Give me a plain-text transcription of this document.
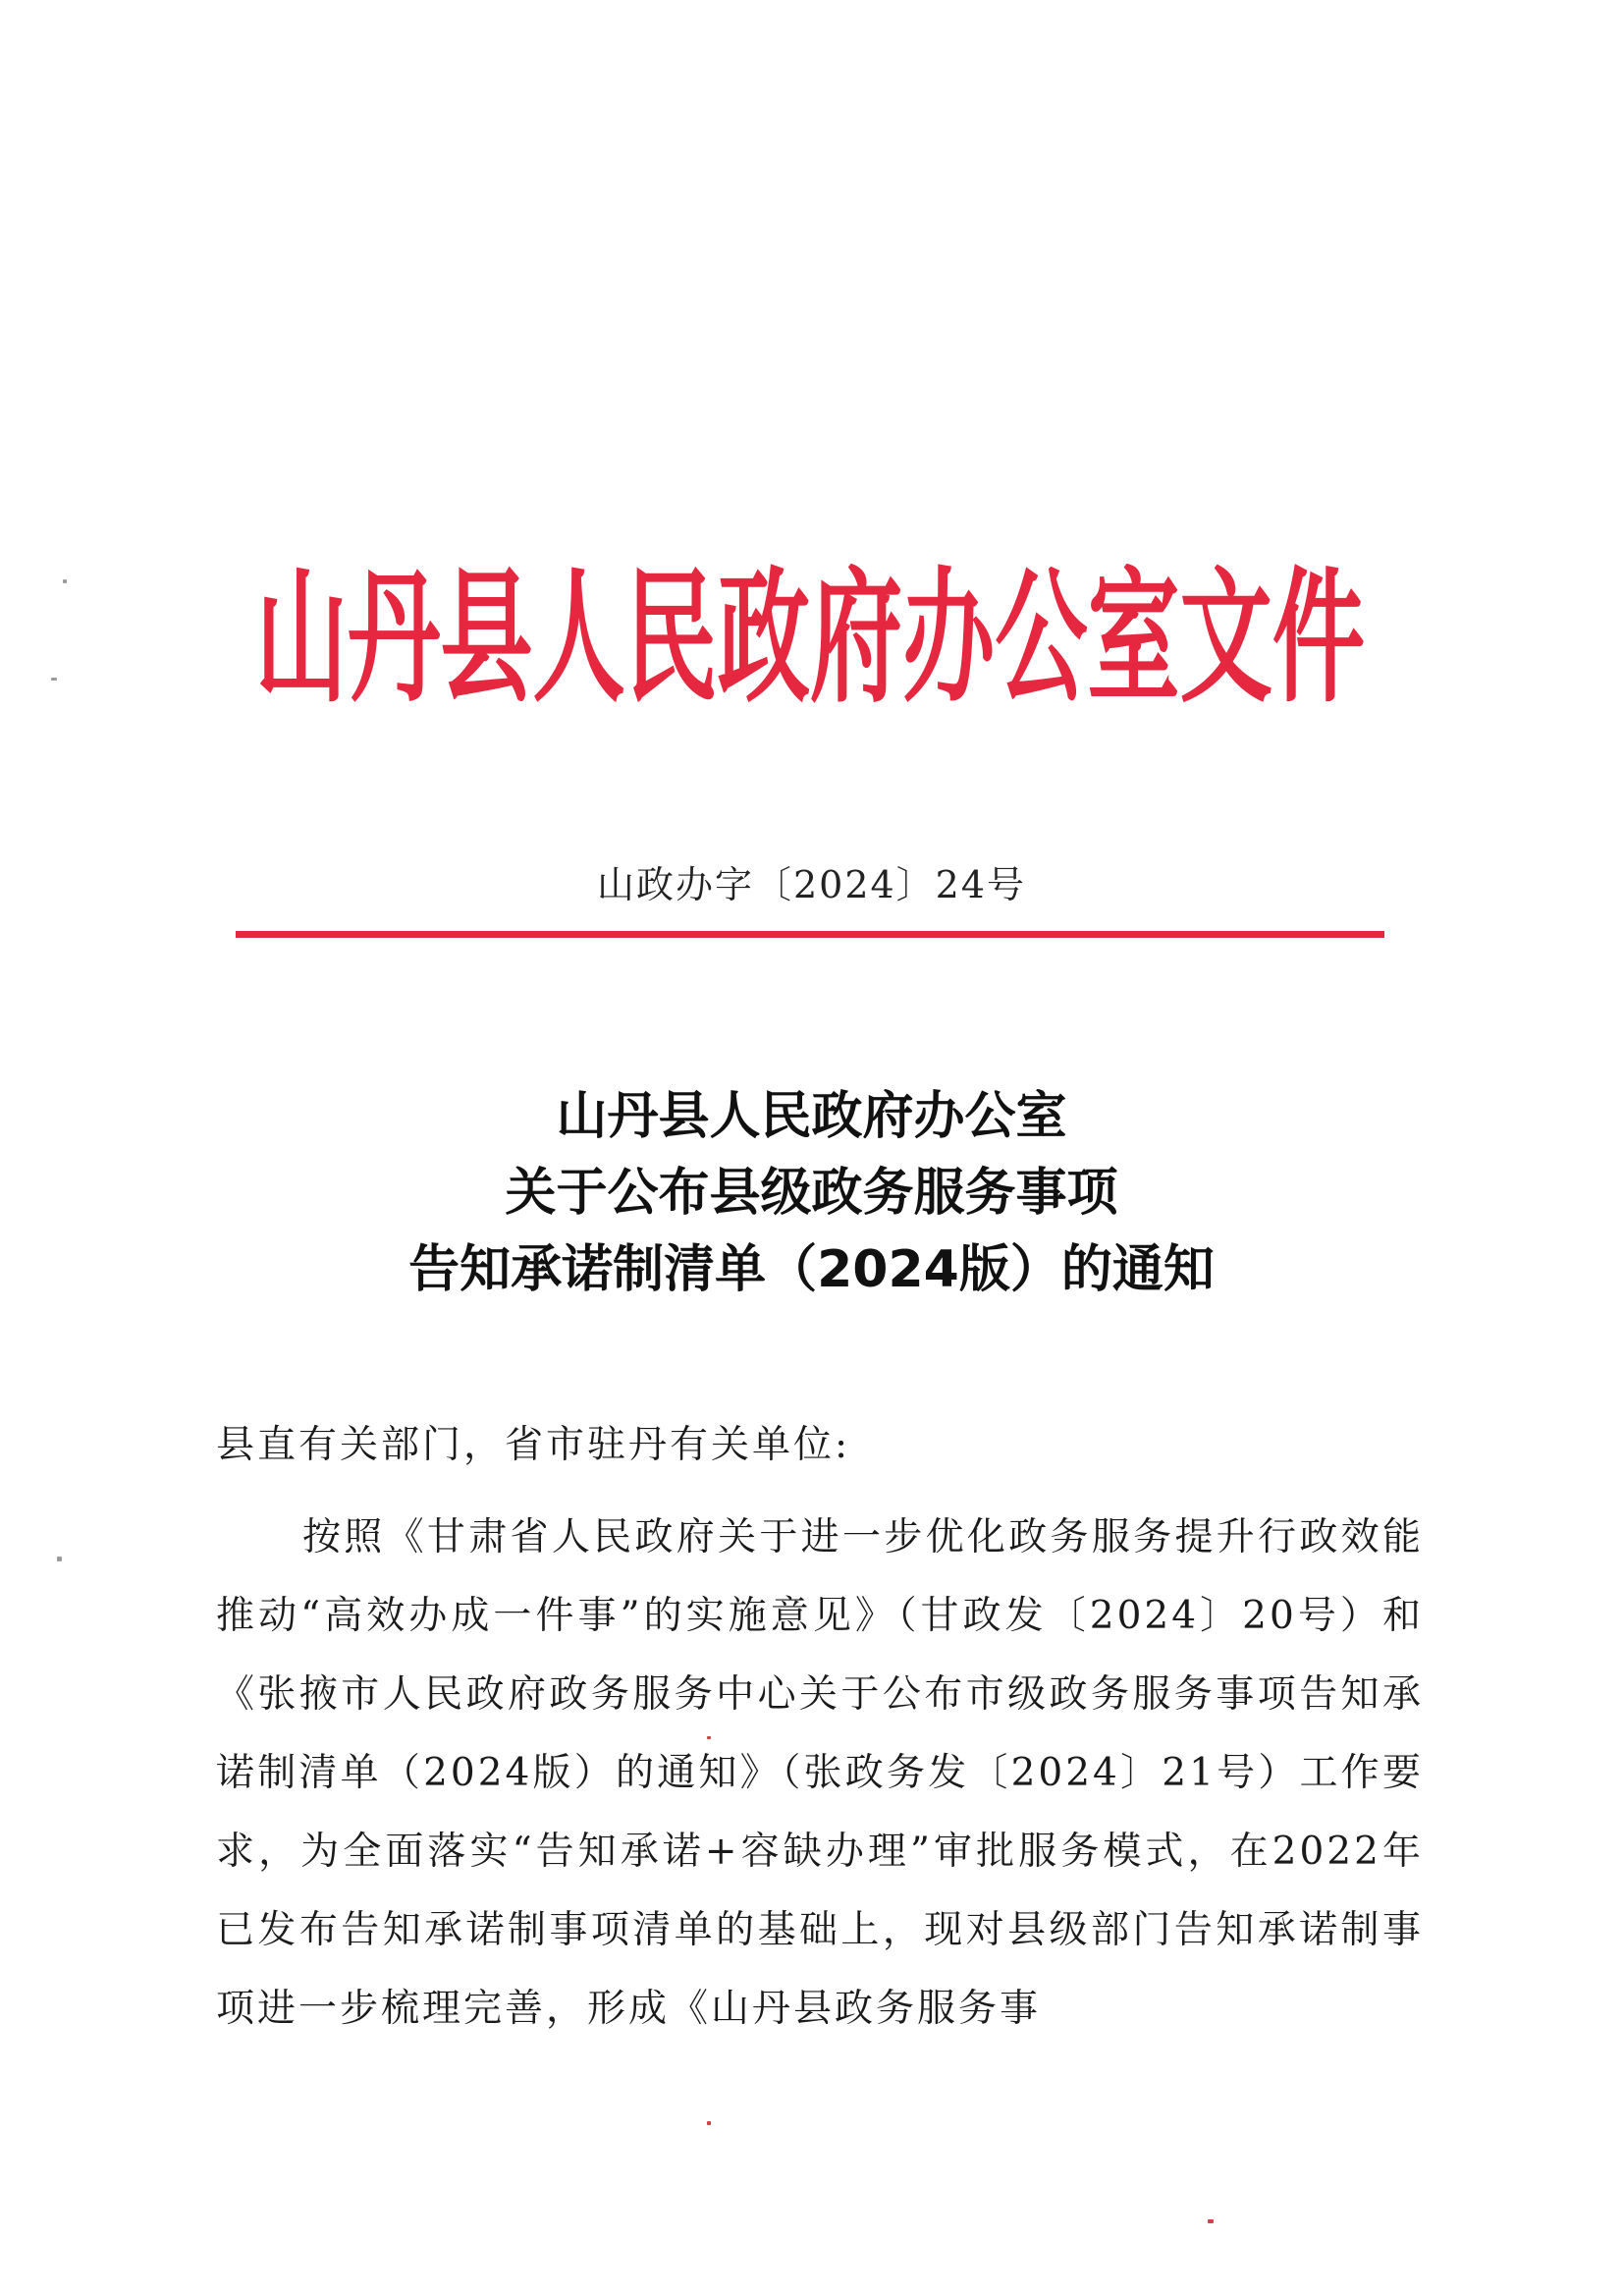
山丹县人民政府办公室文件
山政办字〔2024〕24号
山丹县人民政府办公室
关于公布县级政务服务事项
告知承诺制清单（2024版）的通知
县直有关部门，省市驻丹有关单位:
按照《甘肃省人民政府关于进一步优化政务服务提升行政效能推动“高效办成一件事”的实施意见》（甘政发〔2024〕20号）和《张掖市人民政府政务服务中心关于公布市级政务服务事项告知承诺制清单（2024版）的通知》（张政务发〔2024〕21号）工作要求，为全面落实“告知承诺+容缺办理”审批服务模式，在2022年已发布告知承诺制事项清单的基础上，现对县级部门告知承诺制事项进一步梳理完善，形成《山丹县政务服务事
